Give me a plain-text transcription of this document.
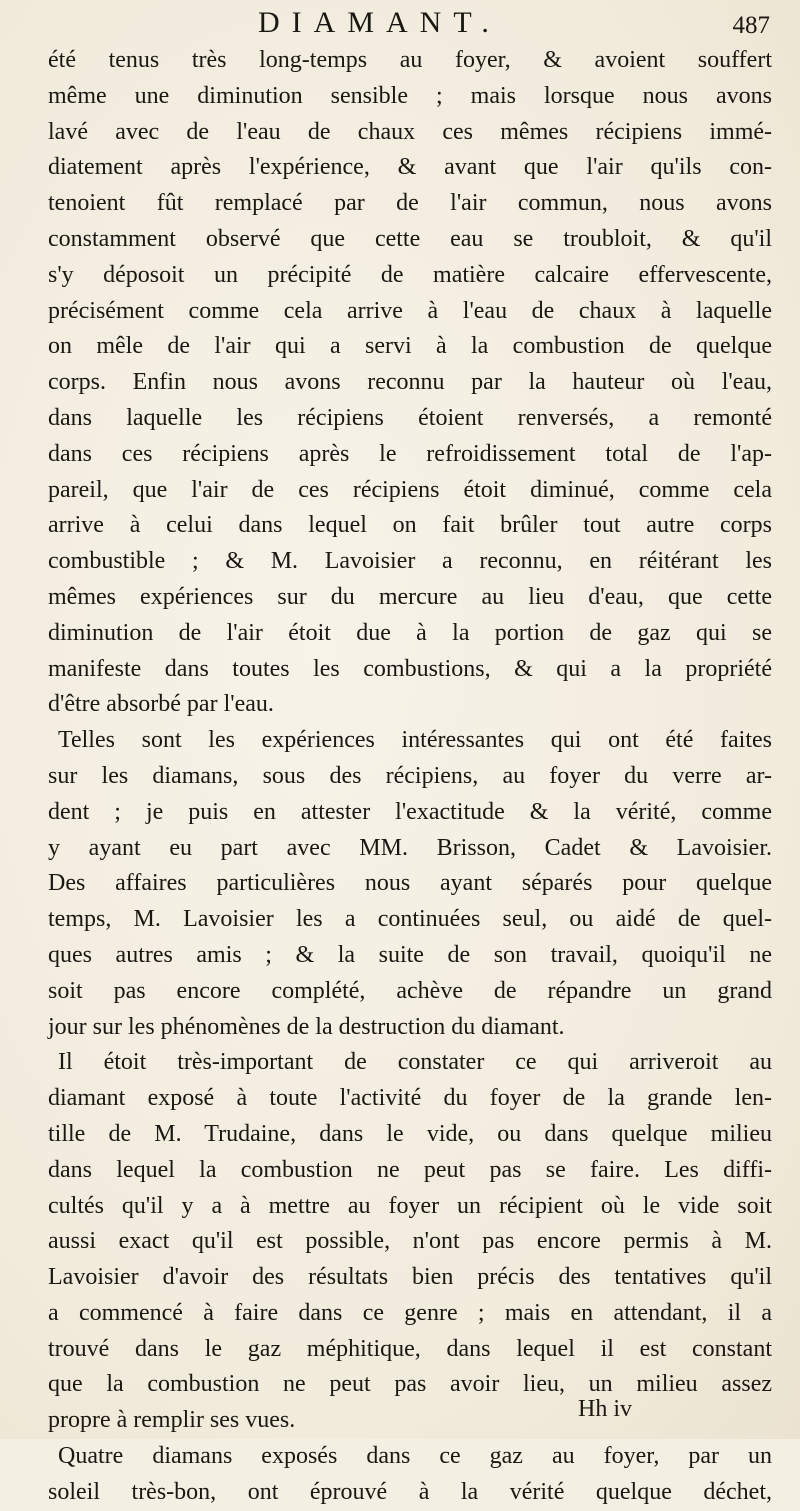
DIAMANT.	487
été tenus très long-temps au foyer, & avoient souffert
même une diminution sensible ; mais lorsque nous avons
lavé avec de l'eau de chaux ces mêmes récipiens immé-
diatement après l'expérience, & avant que l'air qu'ils con-
tenoient fût remplacé par de l'air commun, nous avons
constamment observé que cette eau se troubloit, & qu'il
s'y déposoit un précipité de matière calcaire effervescente,
précisément comme cela arrive à l'eau de chaux à laquelle
on mêle de l'air qui a servi à la combustion de quelque
corps. Enfin nous avons reconnu par la hauteur où l'eau,
dans laquelle les récipiens étoient renversés, a remonté
dans ces récipiens après le refroidissement total de l'ap-
pareil, que l'air de ces récipiens étoit diminué, comme cela
arrive à celui dans lequel on fait brûler tout autre corps
combustible ; & M. Lavoisier a reconnu, en réitérant les
mêmes expériences sur du mercure au lieu d'eau, que cette
diminution de l'air étoit due à la portion de gaz qui se
manifeste dans toutes les combustions, & qui a la propriété
d'être absorbé par l'eau.
Telles sont les expériences intéressantes qui ont été faites
sur les diamans, sous des récipiens, au foyer du verre ar-
dent ; je puis en attester l'exactitude & la vérité, comme
y ayant eu part avec MM. Brisson, Cadet & Lavoisier.
Des affaires particulières nous ayant séparés pour quelque
temps, M. Lavoisier les a continuées seul, ou aidé de quel-
ques autres amis ; & la suite de son travail, quoiqu'il ne
soit pas encore complété, achève de répandre un grand
jour sur les phénomènes de la destruction du diamant.
Il étoit très-important de constater ce qui arriveroit au
diamant exposé à toute l'activité du foyer de la grande len-
tille de M. Trudaine, dans le vide, ou dans quelque milieu
dans lequel la combustion ne peut pas se faire. Les diffi-
cultés qu'il y a à mettre au foyer un récipient où le vide soit
aussi exact qu'il est possible, n'ont pas encore permis à M.
Lavoisier d'avoir des résultats bien précis des tentatives qu'il
a commencé à faire dans ce genre ; mais en attendant, il a
trouvé dans le gaz méphitique, dans lequel il est constant
que la combustion ne peut pas avoir lieu, un milieu assez
propre à remplir ses vues.
Quatre diamans exposés dans ce gaz au foyer, par un
soleil très-bon, ont éprouvé à la vérité quelque déchet,
Hh iv
